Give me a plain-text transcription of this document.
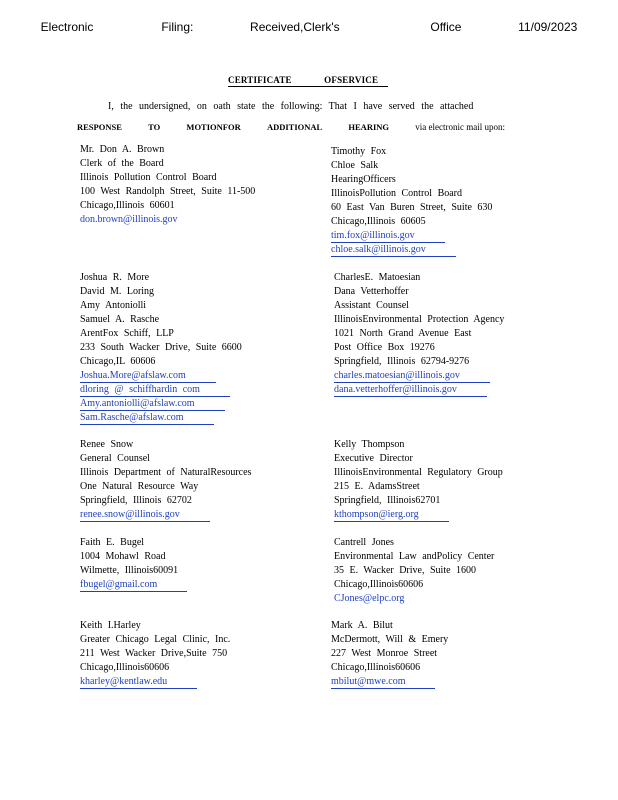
Electronic      Filing:     Received,Clerk's        Office     11/09/2023
CERTIFICATE OFSERVICE
I, the undersigned, on oath state the following: That I have served the attached
RESPONSE	TO	MOTIONFOR	ADDITIONAL	HEARING	via electronic mail upon:
Mr. Don A. Brown
Clerk of the Board
Illinois Pollution Control Board
100 West Randolph Street, Suite 11-500
Chicago,Illinois 60601
don.brown@illinois.gov
Joshua R. More
David M. Loring
Amy Antoniolli
Samuel A. Rasche
ArentFox Schiff, LLP
233 South Wacker Drive, Suite 6600
Chicago,IL 60606
Joshua.More@afslaw.com
dloring @ schiffhardin com
Amy.antoniolli@afslaw.com
Sam.Rasche@afslaw.com
Renee Snow
General Counsel
Illinois Department of NaturalResources
One Natural Resource Way
Springfield, Illinois 62702
renee.snow@illinois.gov
Faith E. Bugel
1004 Mohawl Road
Wilmette, Illinois60091
fbugel@gmail.com
Keith I.Harley
Greater Chicago Legal Clinic, Inc.
211 West Wacker Drive,Suite 750
Chicago,Illinois60606
kharley@kentlaw.edu
Timothy Fox
Chloe Salk
HearingOfficers
IllinoisPollution Control Board
60 East Van Buren Street, Suite 630
Chicago,Illinois 60605
tim.fox@illinois.gov
chloe.salk@illinois.gov
CharlesE. Matoesian
Dana Vetterhoffer
Assistant Counsel
IllinoisEnvironmental Protection Agency
1021 North Grand Avenue East
Post Office Box 19276
Springfield, Illinois 62794-9276
charles.matoesian@illinois.gov
dana.vetterhoffer@illinois.gov
Kelly Thompson
Executive Director
IllinoisEnvironmental Regulatory Group
215 E. AdamsStreet
Springfield, Illinois62701
kthompson@ierg.org
Cantrell Jones
Environmental Law andPolicy Center
35 E. Wacker Drive, Suite 1600
Chicago,Illinois60606
CJones@elpc.org
Mark A. Bilut
McDermott, Will & Emery
227 West Monroe Street
Chicago,Illinois60606
mbilut@mwe.com
